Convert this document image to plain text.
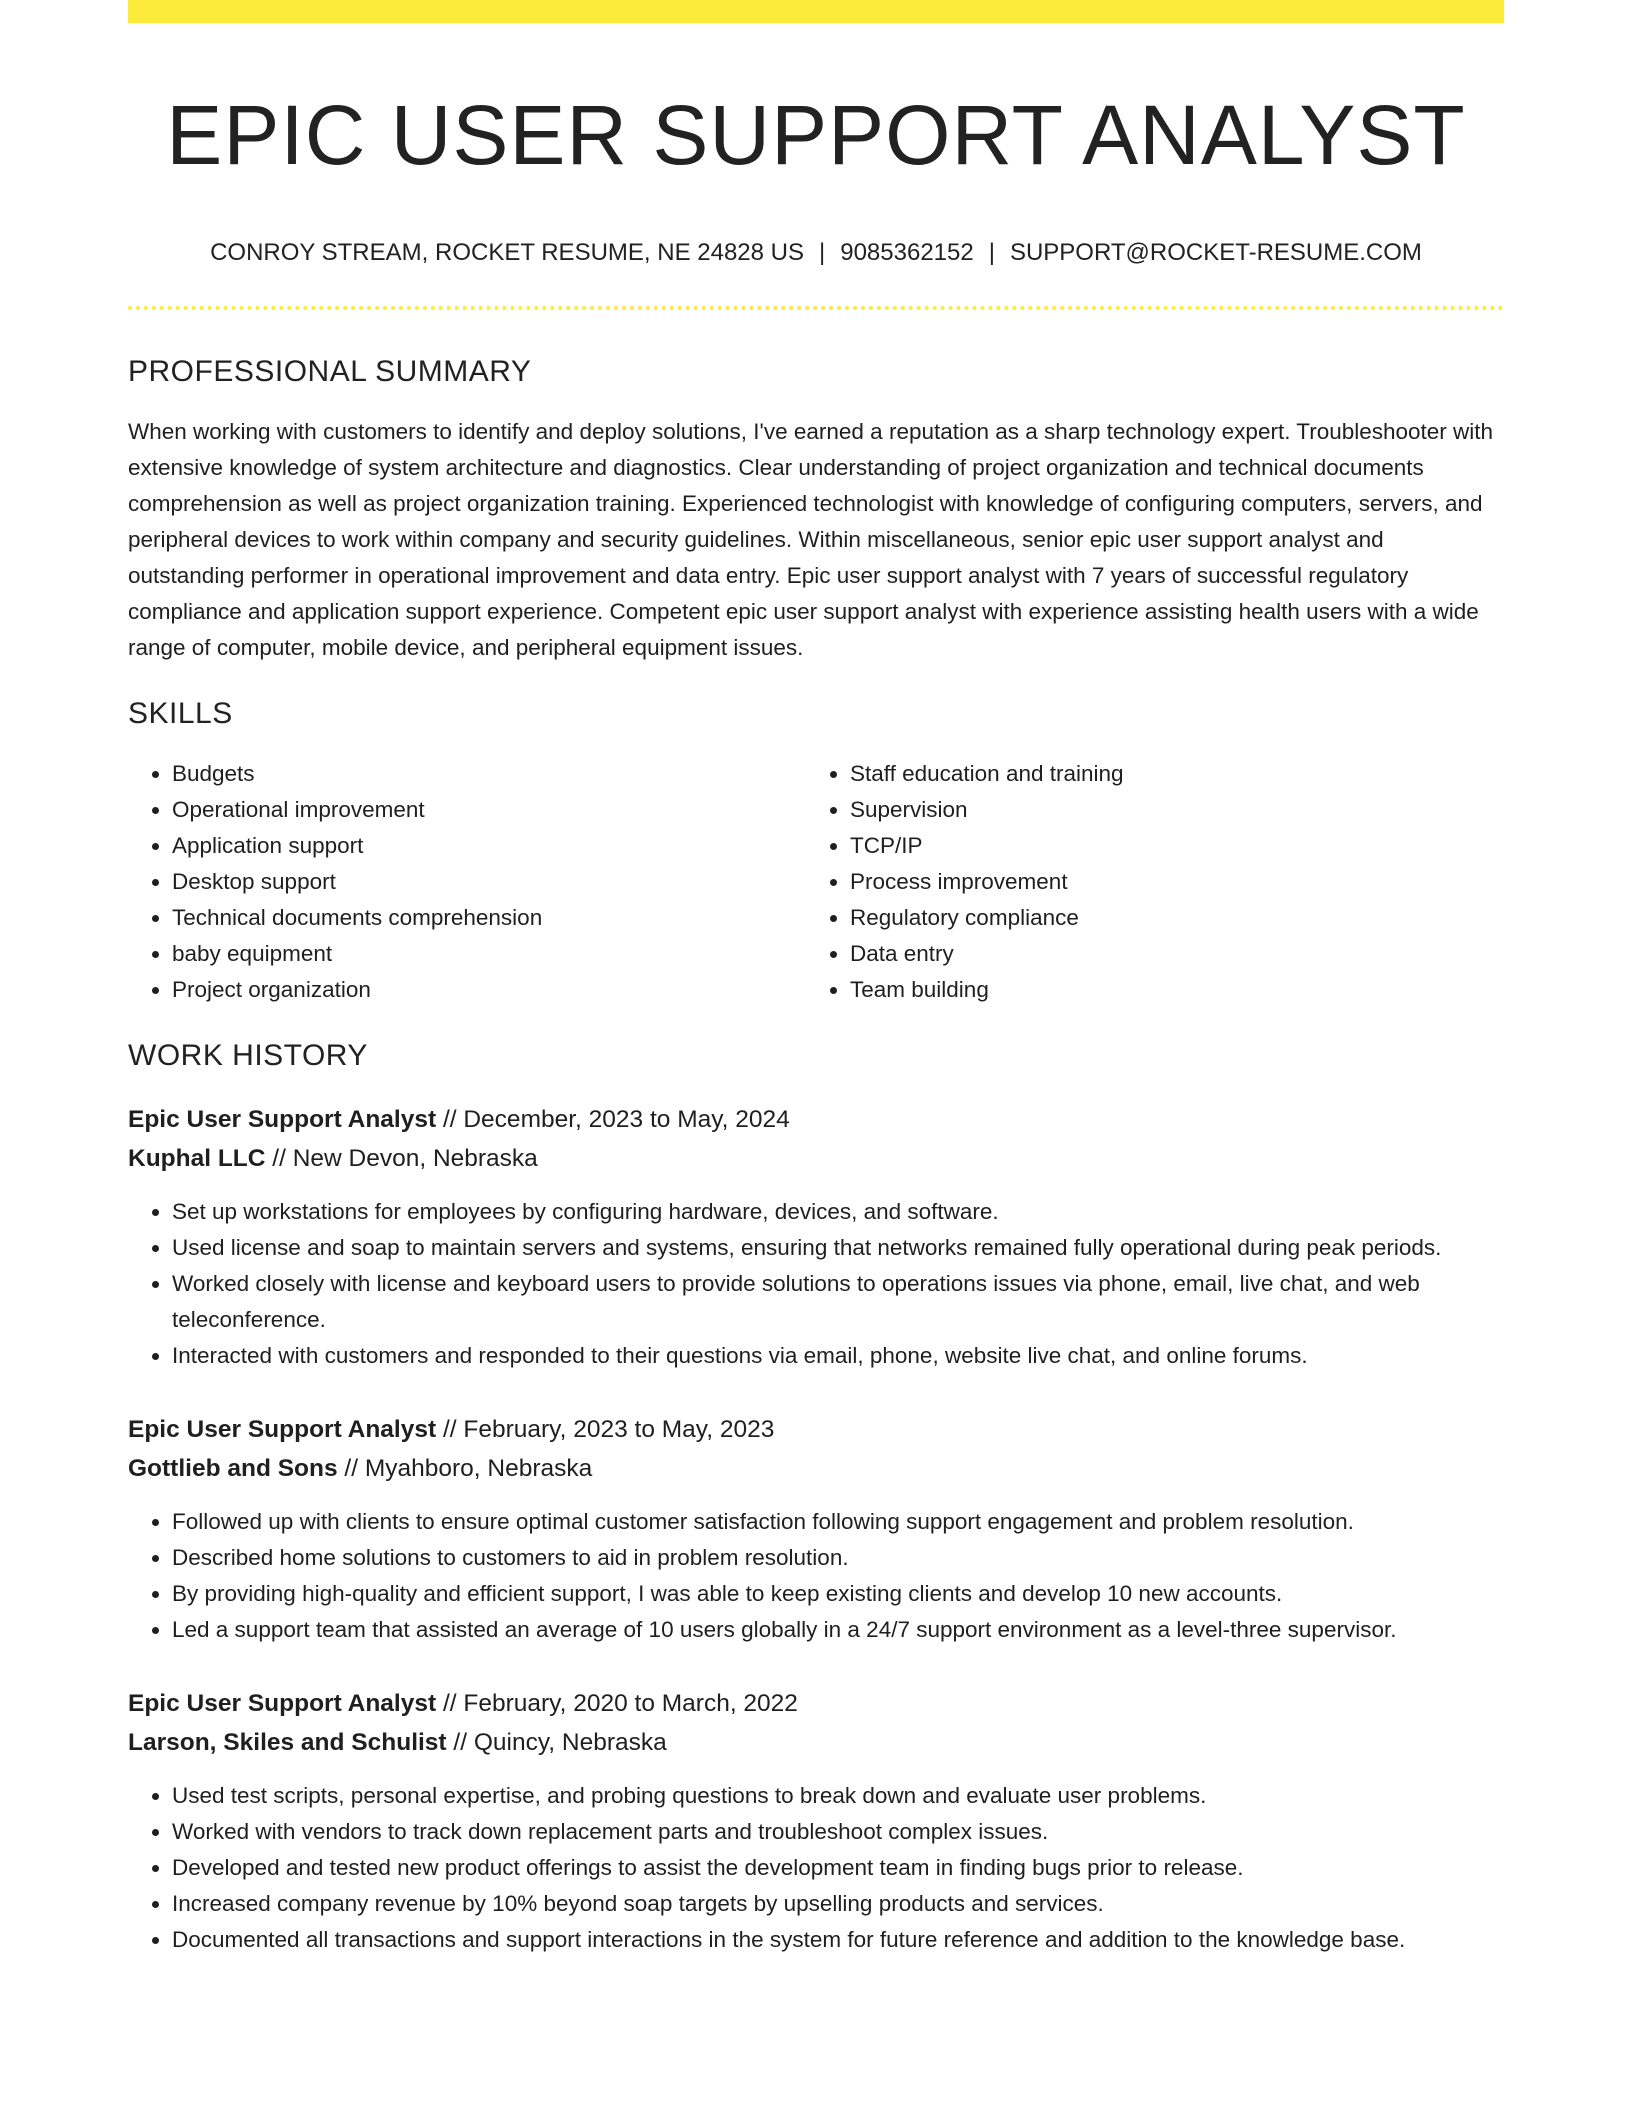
EPIC USER SUPPORT ANALYST
CONROY STREAM, ROCKET RESUME, NE 24828 US | 9085362152 | SUPPORT@ROCKET-RESUME.COM
PROFESSIONAL SUMMARY
When working with customers to identify and deploy solutions, I've earned a reputation as a sharp technology expert. Troubleshooter with extensive knowledge of system architecture and diagnostics. Clear understanding of project organization and technical documents comprehension as well as project organization training. Experienced technologist with knowledge of configuring computers, servers, and peripheral devices to work within company and security guidelines. Within miscellaneous, senior epic user support analyst and outstanding performer in operational improvement and data entry. Epic user support analyst with 7 years of successful regulatory compliance and application support experience. Competent epic user support analyst with experience assisting health users with a wide range of computer, mobile device, and peripheral equipment issues.
SKILLS
• Budgets
• Operational improvement
• Application support
• Desktop support
• Technical documents comprehension
• baby equipment
• Project organization
• Staff education and training
• Supervision
• TCP/IP
• Process improvement
• Regulatory compliance
• Data entry
• Team building
WORK HISTORY
Epic User Support Analyst // December, 2023 to May, 2024
Kuphal LLC // New Devon, Nebraska
• Set up workstations for employees by configuring hardware, devices, and software.
• Used license and soap to maintain servers and systems, ensuring that networks remained fully operational during peak periods.
• Worked closely with license and keyboard users to provide solutions to operations issues via phone, email, live chat, and web teleconference.
• Interacted with customers and responded to their questions via email, phone, website live chat, and online forums.
Epic User Support Analyst // February, 2023 to May, 2023
Gottlieb and Sons // Myahboro, Nebraska
• Followed up with clients to ensure optimal customer satisfaction following support engagement and problem resolution.
• Described home solutions to customers to aid in problem resolution.
• By providing high-quality and efficient support, I was able to keep existing clients and develop 10 new accounts.
• Led a support team that assisted an average of 10 users globally in a 24/7 support environment as a level-three supervisor.
Epic User Support Analyst // February, 2020 to March, 2022
Larson, Skiles and Schulist // Quincy, Nebraska
• Used test scripts, personal expertise, and probing questions to break down and evaluate user problems.
• Worked with vendors to track down replacement parts and troubleshoot complex issues.
• Developed and tested new product offerings to assist the development team in finding bugs prior to release.
• Increased company revenue by 10% beyond soap targets by upselling products and services.
• Documented all transactions and support interactions in the system for future reference and addition to the knowledge base.
